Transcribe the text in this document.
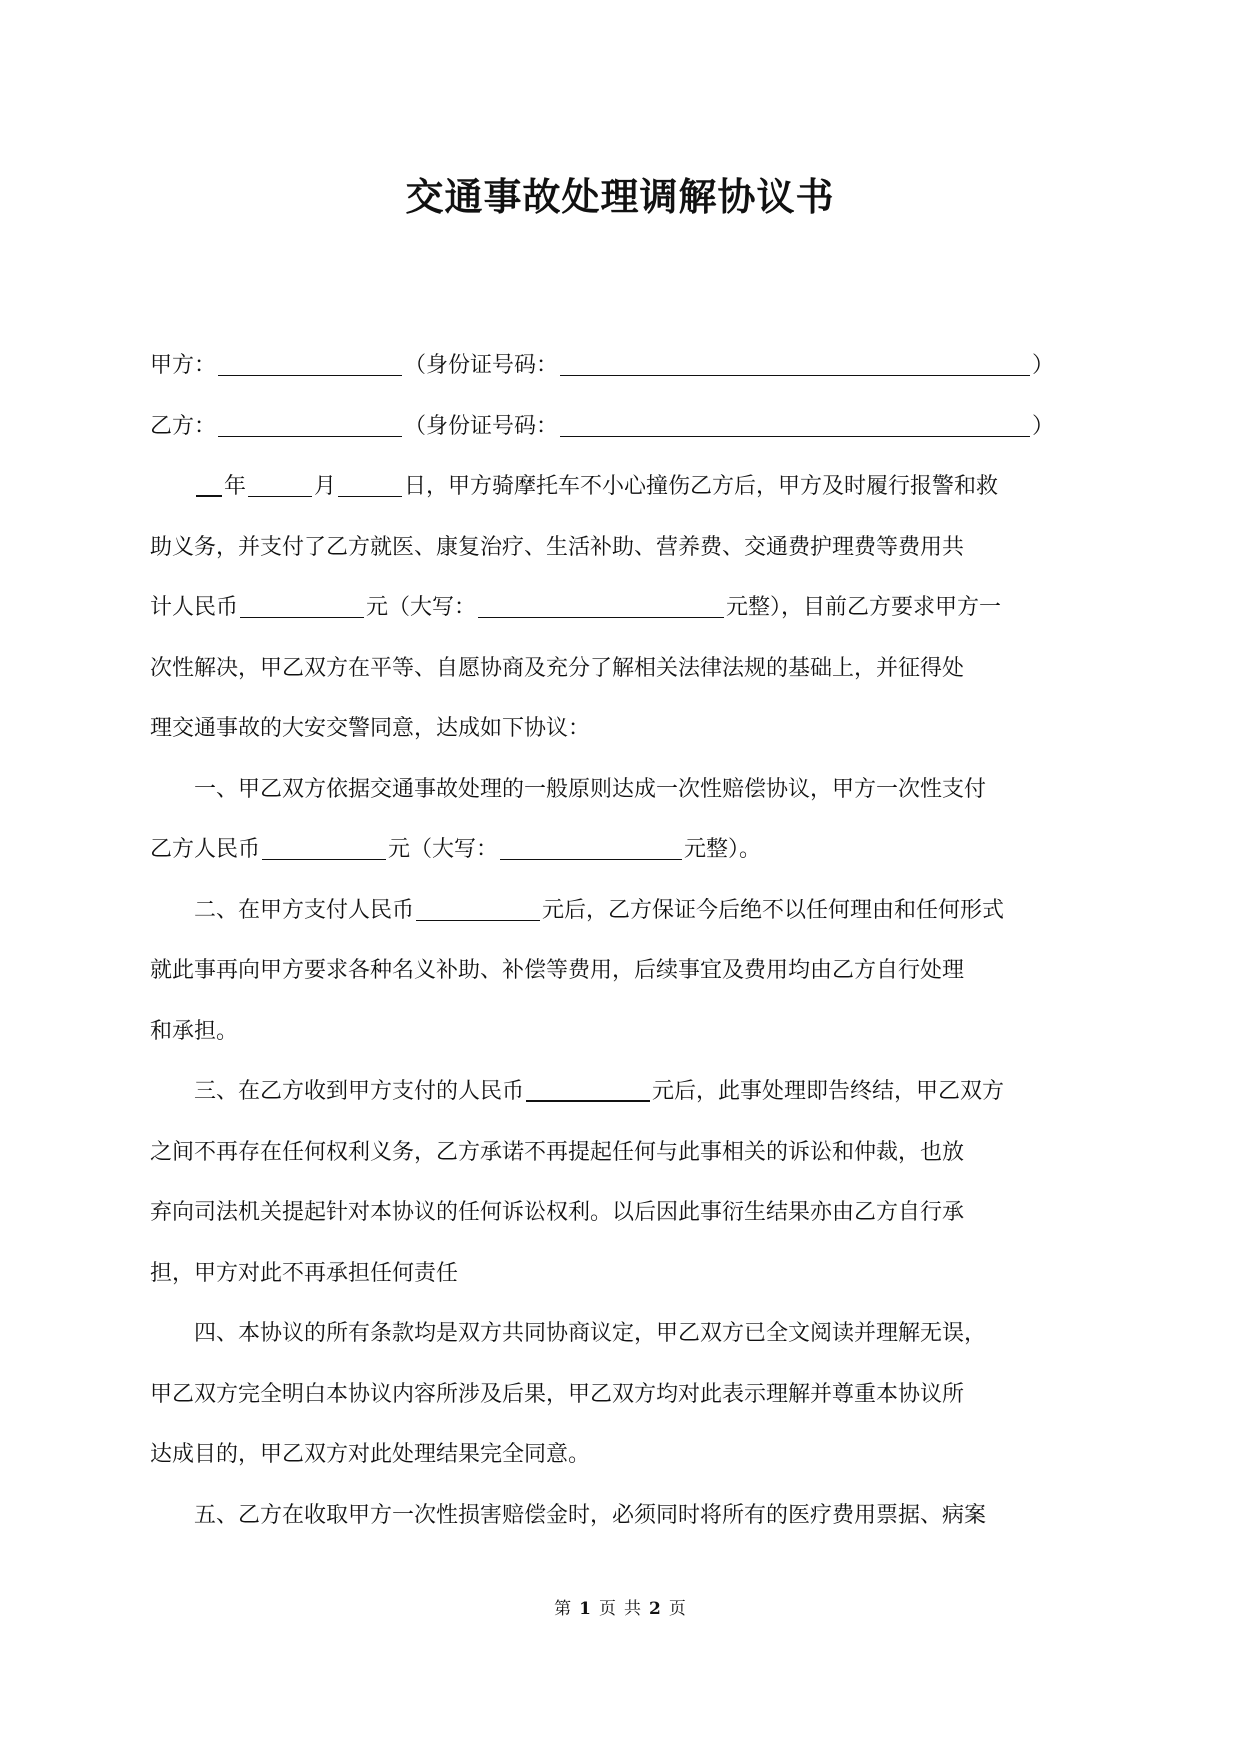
交通事故处理调解协议书
甲方：	（身份证号码：	）
乙方：	（身份证号码：	）
年	月	日，甲方骑摩托车不小心撞伤乙方后，甲方及时履行报警和救
助义务，并支付了乙方就医、康复治疗、生活补助、营养费、交通费护理费等费用共
计人民币	元（大写：	元整），目前乙方要求甲方一
次性解决，甲乙双方在平等、自愿协商及充分了解相关法律法规的基础上，并征得处
理交通事故的大安交警同意，达成如下协议：
一、甲乙双方依据交通事故处理的一般原则达成一次性赔偿协议，甲方一次性支付
乙方人民币	元（大写：	元整）。
二、在甲方支付人民币	元后，乙方保证今后绝不以任何理由和任何形式
就此事再向甲方要求各种名义补助、补偿等费用，后续事宜及费用均由乙方自行处理
和承担。
三、在乙方收到甲方支付的人民币	元后，此事处理即告终结，甲乙双方
之间不再存在任何权利义务，乙方承诺不再提起任何与此事相关的诉讼和仲裁，也放
弃向司法机关提起针对本协议的任何诉讼权利。以后因此事衍生结果亦由乙方自行承
担，甲方对此不再承担任何责任
四、本协议的所有条款均是双方共同协商议定，甲乙双方已全文阅读并理解无误，
甲乙双方完全明白本协议内容所涉及后果，甲乙双方均对此表示理解并尊重本协议所
达成目的，甲乙双方对此处理结果完全同意。
五、乙方在收取甲方一次性损害赔偿金时，必须同时将所有的医疗费用票据、病案
第 1 页 共 2 页
